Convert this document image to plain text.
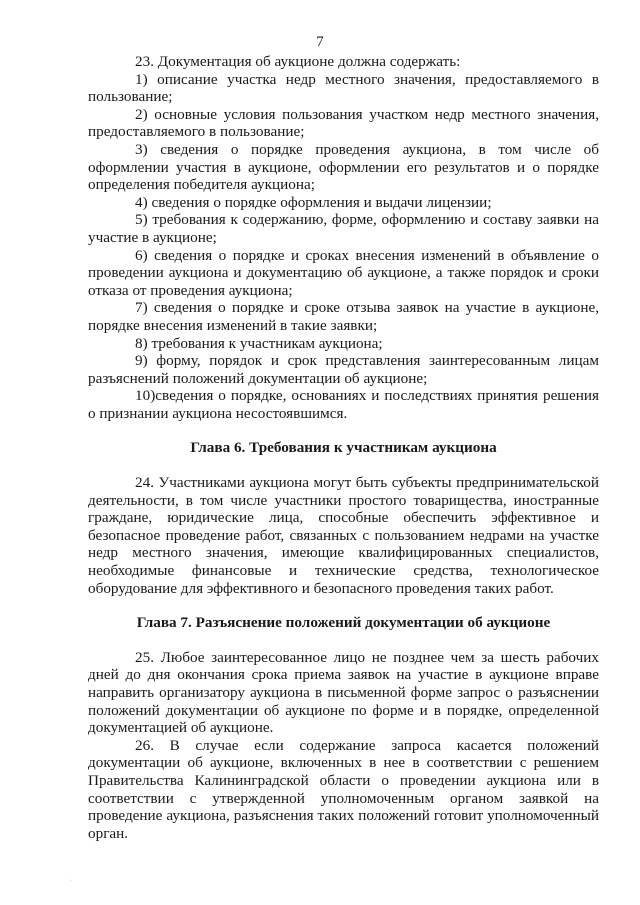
7

23. Документация об аукционе должна содержать:

1) описание участка недр местного значения, предоставляемого в пользование;

2) основные условия пользования участком недр местного значения, предоставляемого в пользование;

3) сведения о порядке проведения аукциона, в том числе об оформлении участия в аукционе, оформлении его результатов и о порядке определения победителя аукциона;

4) сведения о порядке оформления и выдачи лицензии;

5) требования к содержанию, форме, оформлению и составу заявки на участие в аукционе;

6) сведения о порядке и сроках внесения изменений в объявление о проведении аукциона и документацию об аукционе, а также порядок и сроки отказа от проведения аукциона;

7) сведения о порядке и сроке отзыва заявок на участие в аукционе, порядке внесения изменений в такие заявки;

8) требования к участникам аукциона;

9) форму, порядок и срок представления заинтересованным лицам разъяснений положений документации об аукционе;

10)сведения о порядке, основаниях и последствиях принятия решения о признании аукциона несостоявшимся.

Глава 6. Требования к участникам аукциона

24. Участниками аукциона могут быть субъекты предпринимательской деятельности, в том числе участники простого товарищества, иностранные граждане, юридические лица, способные обеспечить эффективное и безопасное проведение работ, связанных с пользованием недрами на участке недр местного значения, имеющие квалифицированных специалистов, необходимые финансовые и технические средства, технологическое оборудование для эффективного и безопасного проведения таких работ.

Глава 7. Разъяснение положений документации об аукционе

25. Любое заинтересованное лицо не позднее чем за шесть рабочих дней до дня окончания срока приема заявок на участие в аукционе вправе направить организатору аукциона в письменной форме запрос о разъяснении положений документации об аукционе по форме и в порядке, определенной документацией об аукционе.

26. В случае если содержание запроса касается положений документации об аукционе, включенных в нее в соответствии с решением Правительства Калининградской области о проведении аукциона или в соответствии с утвержденной уполномоченным органом заявкой на проведение аукциона, разъяснения таких положений готовит уполномоченный орган.

·
